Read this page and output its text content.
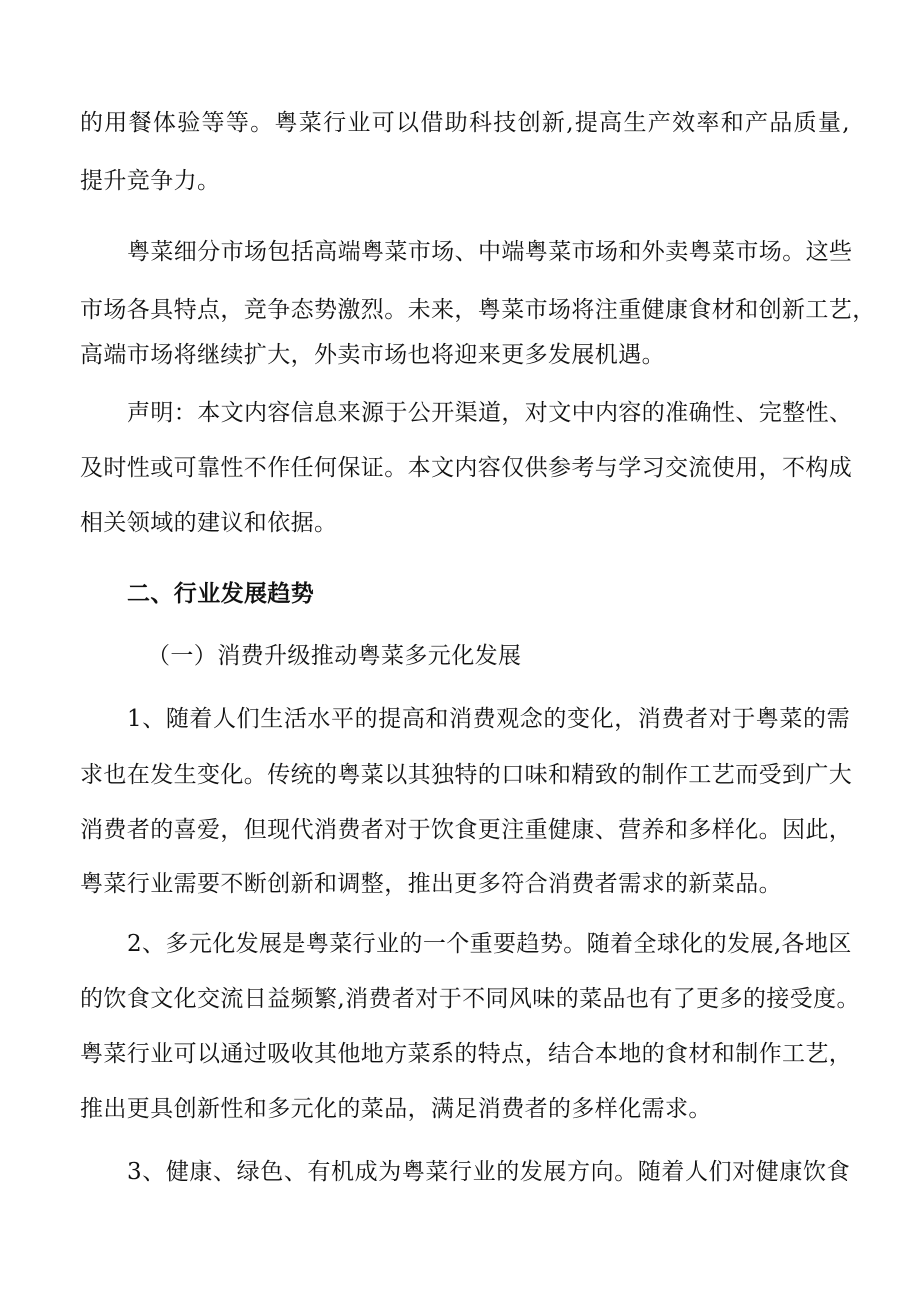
的用餐体验等等。粤菜行业可以借助科技创新,提高生产效率和产品质量,
提升竞争力。
粤菜细分市场包括高端粤菜市场、中端粤菜市场和外卖粤菜市场。这些
市场各具特点，竞争态势激烈。未来，粤菜市场将注重健康食材和创新工艺，
高端市场将继续扩大，外卖市场也将迎来更多发展机遇。
声明：本文内容信息来源于公开渠道，对文中内容的准确性、完整性、
及时性或可靠性不作任何保证。本文内容仅供参考与学习交流使用，不构成
相关领域的建议和依据。
二、行业发展趋势
（一）消费升级推动粤菜多元化发展
1、随着人们生活水平的提高和消费观念的变化，消费者对于粤菜的需
求也在发生变化。传统的粤菜以其独特的口味和精致的制作工艺而受到广大
消费者的喜爱，但现代消费者对于饮食更注重健康、营养和多样化。因此，
粤菜行业需要不断创新和调整，推出更多符合消费者需求的新菜品。
2、多元化发展是粤菜行业的一个重要趋势。随着全球化的发展,各地区
的饮食文化交流日益频繁,消费者对于不同风味的菜品也有了更多的接受度。
粤菜行业可以通过吸收其他地方菜系的特点，结合本地的食材和制作工艺，
推出更具创新性和多元化的菜品，满足消费者的多样化需求。
3、健康、绿色、有机成为粤菜行业的发展方向。随着人们对健康饮食
